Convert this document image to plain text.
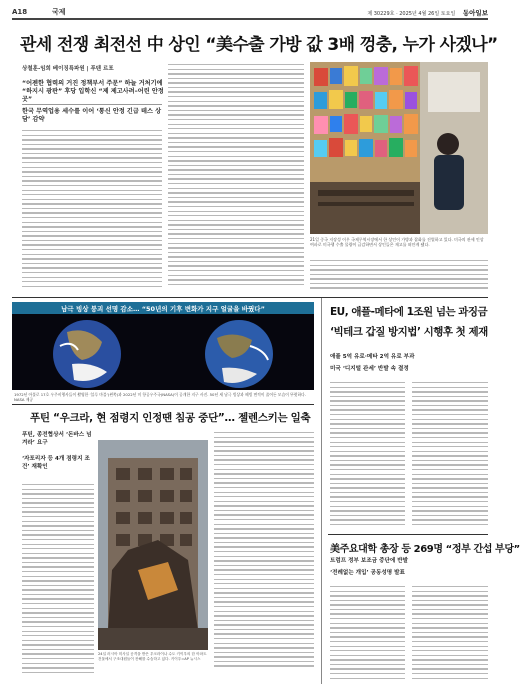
A18	국제	제 30229호 · 2025년 4월 26일 토요일 동아일보
관세 전쟁 최전선 中 상인 “美수출 가방 값 3배 껑충, 누가 사겠나”
상철훈-임희 베이징특파원 | 푸텐 르포
“어젠한 협력의 거진 정책부서 주문” 하늘 거처기에 “하지시 광판” 후당 입학신 “제 제고사려–어린 안정 곳”
한국 무역업용 세수를 이어 ‘통신 안정 긴급 테스 상담’ 감약
21일 중국 저장성 이우 국제무역시장에서 한 상인이 가방과 잡화를 진열하고 있다. 미국의 관세 인상 여파로 미국행 수출 물량이 급감하면서 상인들은 재고를 떠안게 됐다.
남극 빙상 붕괴 선명 감소… “50년의 기후 변화가 지구 얼굴을 바꿨다”
1972년 아폴로 17호 우주비행사들이 촬영한 ‘블루 마블’(왼쪽)과 2022년 미 항공우주국(NASA)이 공개한 지구 사진. 50년 새 남극 빙상과 해빙 면적이 줄어든 모습이 뚜렷하다. NASA 제공
푸틴 “우크라, 현 점령지 인정땐 침공 중단”… 젤렌스키는 일축
푸틴, 종전협상서 ‘돈바스 넘겨라’ 요구
‘자포리자 등 4개 점령지 조건’ 재확인
24일 러시아 미사일 공격을 받은 우크라이나 수도 키이우의 한 아파트 건물에서 구조대원들이 잔해를 수습하고 있다. 키이우=AP 뉴시스
EU, 애플-메타에 1조원 넘는 과징금
‘빅테크 갑질 방지법’ 시행후 첫 제재
애플 5억 유로·메타 2억 유로 부과
미국 ‘디지털 관세’ 반발 속 결정
美주요대학 총장 등 269명 “정부 간섭 부당”
트럼프 정부 보조금 중단에 반발
‘전례없는 개입’ 공동성명 발표
